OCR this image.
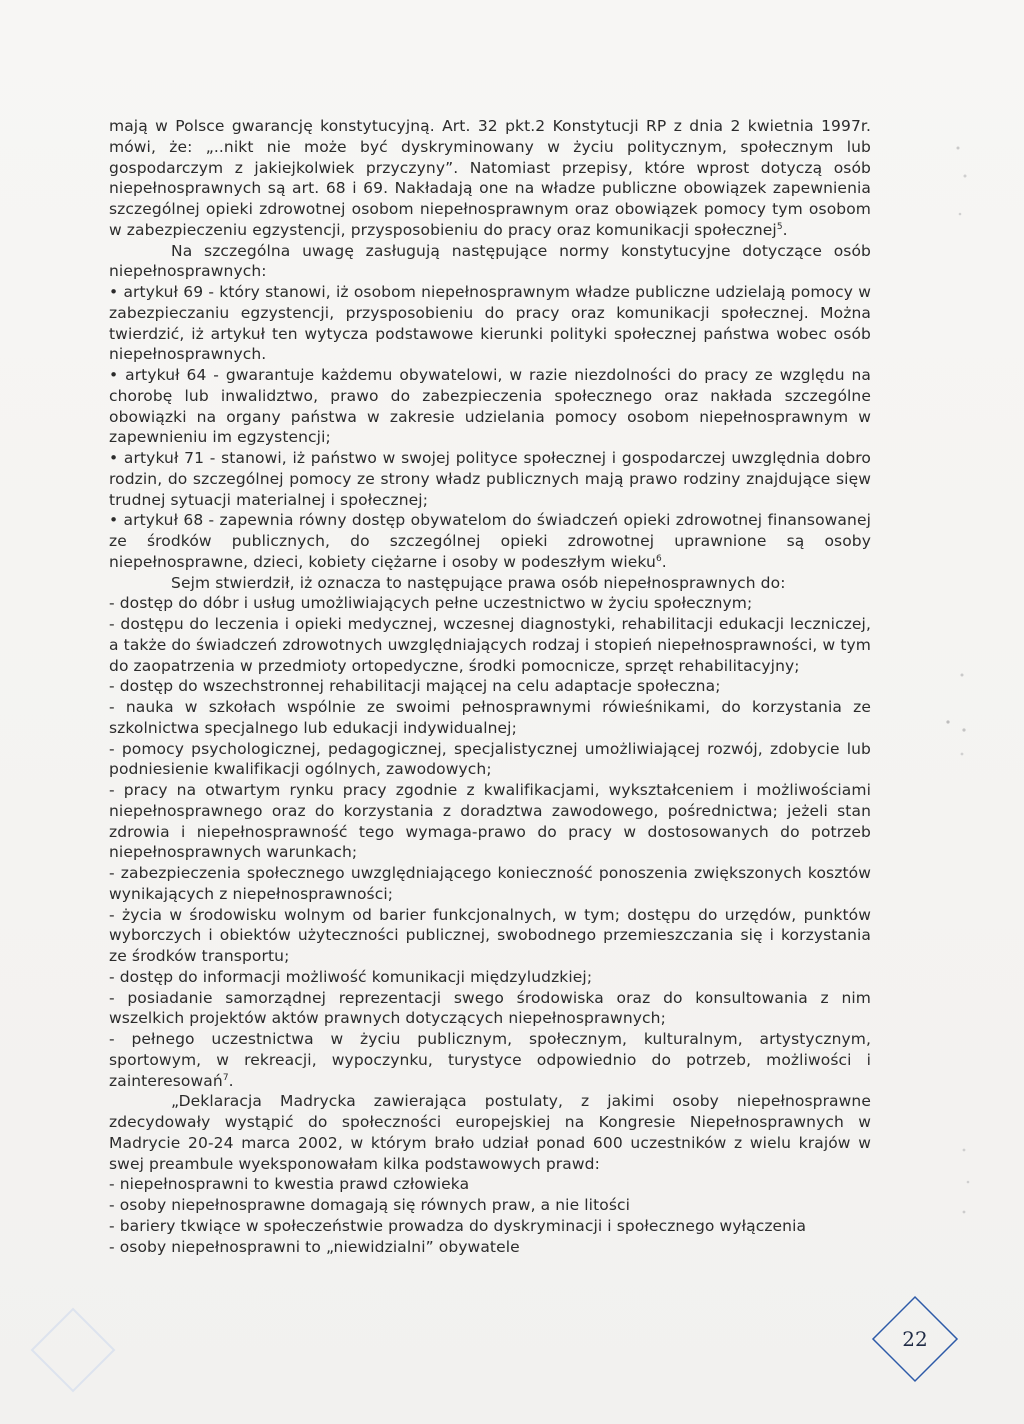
mają w Polsce gwarancję konstytucyjną. Art. 32 pkt.2 Konstytucji RP z dnia 2 kwietnia 1997r. mówi, że: „..nikt nie może być dyskryminowany w życiu politycznym, społecznym lub gospodarczym z jakiejkolwiek przyczyny”. Natomiast przepisy, które wprost dotyczą osób niepełnosprawnych są art. 68 i 69. Nakładają one na władze publiczne obowiązek zapewnienia szczególnej opieki zdrowotnej osobom niepełnosprawnym oraz obowiązek pomocy tym osobom w zabezpieczeniu egzystencji, przysposobieniu do pracy oraz komunikacji społecznej$^5$.

Na szczególna uwagę zasługują następujące normy konstytucyjne dotyczące osób niepełnosprawnych:

• artykuł 69 - który stanowi, iż osobom niepełnosprawnym władze publiczne udzielają pomocy w zabezpieczaniu egzystencji, przysposobieniu do pracy oraz komunikacji społecznej. Można twierdzić, iż artykuł ten wytycza podstawowe kierunki polityki społecznej państwa wobec osób niepełnosprawnych.

• artykuł 64 - gwarantuje każdemu obywatelowi, w razie niezdolności do pracy ze względu na chorobę lub inwalidztwo, prawo do zabezpieczenia społecznego oraz nakłada szczególne obowiązki na organy państwa w zakresie udzielania pomocy osobom niepełnosprawnym w zapewnieniu im egzystencji;

• artykuł 71 - stanowi, iż państwo w swojej polityce społecznej i gospodarczej uwzględnia dobro rodzin, do szczególnej pomocy ze strony władz publicznych mają prawo rodziny znajdujące sięw trudnej sytuacji materialnej i społecznej;

• artykuł 68 - zapewnia równy dostęp obywatelom do świadczeń opieki zdrowotnej finansowanej ze środków publicznych, do szczególnej opieki zdrowotnej uprawnione są osoby niepełnosprawne, dzieci, kobiety ciężarne i osoby w podeszłym wieku$^6$.

Sejm stwierdził, iż oznacza to następujące prawa osób niepełnosprawnych do:

- dostęp do dóbr i usług umożliwiających pełne uczestnictwo w życiu społecznym;

- dostępu do leczenia i opieki medycznej, wczesnej diagnostyki, rehabilitacji edukacji leczniczej, a także do świadczeń zdrowotnych uwzględniających rodzaj i stopień niepełnosprawności, w tym do zaopatrzenia w przedmioty ortopedyczne, środki pomocnicze, sprzęt rehabilitacyjny;

- dostęp do wszechstronnej rehabilitacji mającej na celu adaptacje społeczna;

- nauka w szkołach wspólnie ze swoimi pełnosprawnymi rówieśnikami, do korzystania ze szkolnictwa specjalnego lub edukacji indywidualnej;

- pomocy psychologicznej, pedagogicznej, specjalistycznej umożliwiającej rozwój, zdobycie lub podniesienie kwalifikacji ogólnych, zawodowych;

- pracy na otwartym rynku pracy zgodnie z kwalifikacjami, wykształceniem i możliwościami niepełnosprawnego oraz do korzystania z doradztwa zawodowego, pośrednictwa; jeżeli stan zdrowia i niepełnosprawność tego wymaga-prawo do pracy w dostosowanych do potrzeb niepełnosprawnych warunkach;

- zabezpieczenia społecznego uwzględniającego konieczność ponoszenia zwiększonych kosztów wynikających z niepełnosprawności;

- życia w środowisku wolnym od barier funkcjonalnych, w tym; dostępu do urzędów, punktów wyborczych i obiektów użyteczności publicznej, swobodnego przemieszczania się i korzystania ze środków transportu;

- dostęp do informacji możliwość komunikacji międzyludzkiej;

- posiadanie samorządnej reprezentacji swego środowiska oraz do konsultowania z nim wszelkich projektów aktów prawnych dotyczących niepełnosprawnych;

- pełnego uczestnictwa w życiu publicznym, społecznym, kulturalnym, artystycznym, sportowym, w rekreacji, wypoczynku, turystyce odpowiednio do potrzeb, możliwości i zainteresowań$^7$.

„Deklaracja Madrycka zawierająca postulaty, z jakimi osoby niepełnosprawne zdecydowały wystąpić do społeczności europejskiej na Kongresie Niepełnosprawnych w Madrycie 20-24 marca 2002, w którym brało udział ponad 600 uczestników z wielu krajów w swej preambule wyeksponowałam kilka podstawowych prawd:

- niepełnosprawni to kwestia prawd człowieka

- osoby niepełnosprawne domagają się równych praw, a nie litości

- bariery tkwiące w społeczeństwie prowadza do dyskryminacji i społecznego wyłączenia

- osoby niepełnosprawni to „niewidzialni” obywatele

22
